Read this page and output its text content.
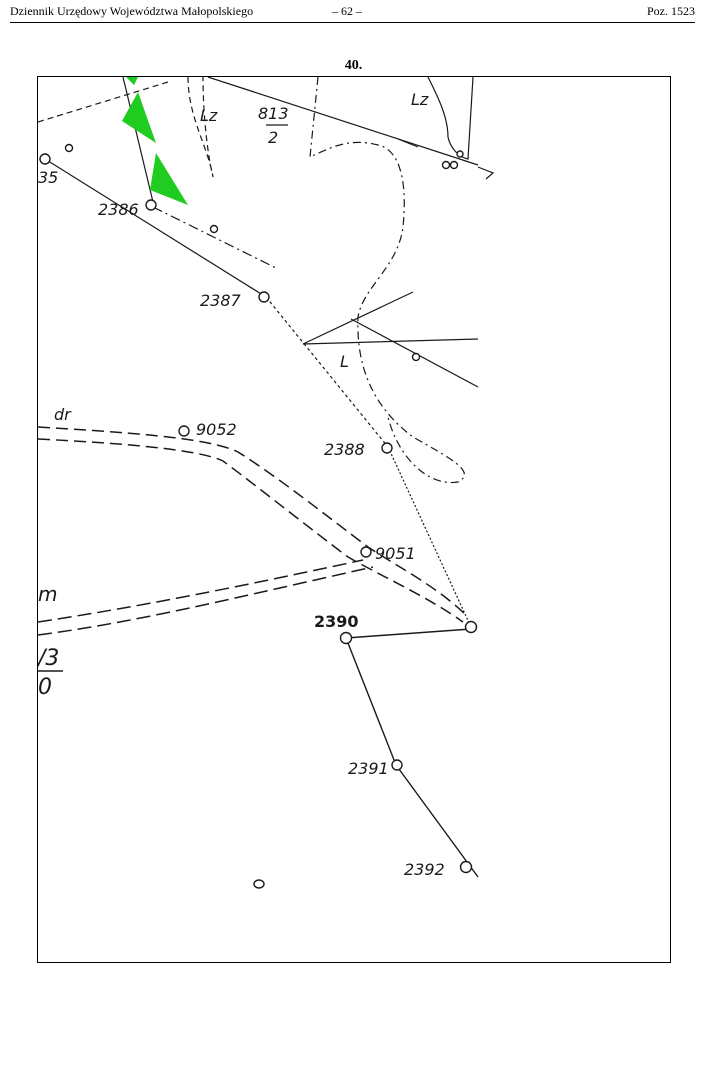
Dziennik Urzędowy Województwa Małopolskiego	– 62 –	Poz. 1523
40.
35
2386
2387
2388
2390
2391
2392
9052
9051
813
2
Lz
Lz
dr
L
m
/3
0
